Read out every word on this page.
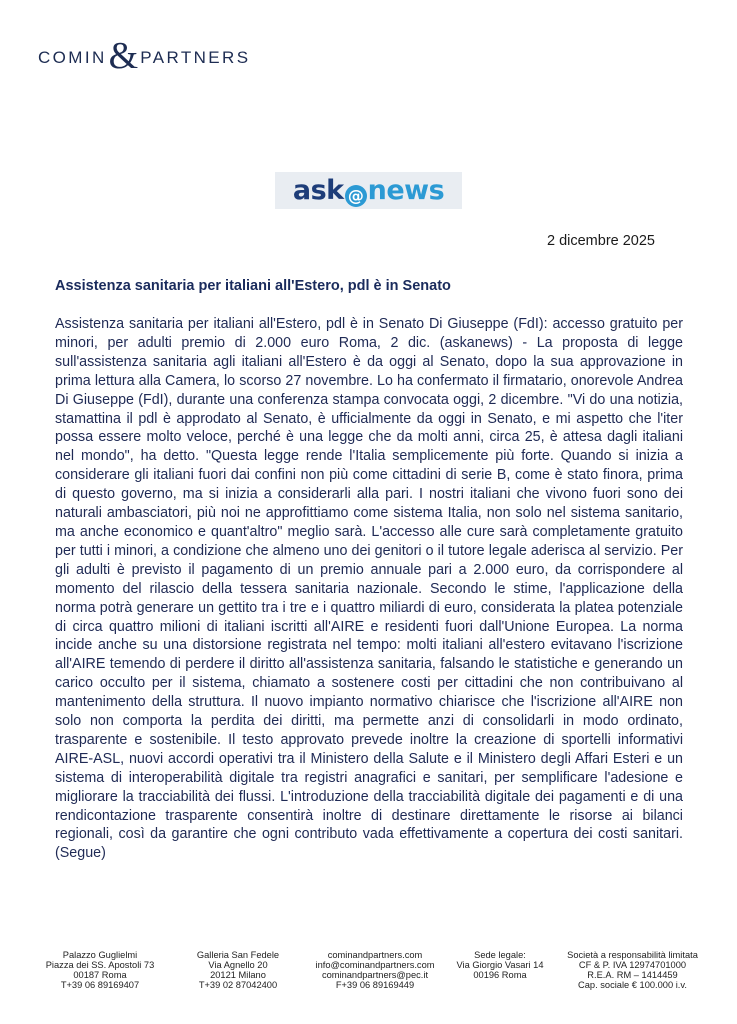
COMIN & PARTNERS
ask @ news
2 dicembre 2025
Assistenza sanitaria per italiani all'Estero, pdl è in Senato

Assistenza sanitaria per italiani all'Estero, pdl è in Senato Di Giuseppe (FdI): accesso gratuito per minori, per adulti premio di 2.000 euro Roma, 2 dic. (askanews) - La proposta di legge sull'assistenza sanitaria agli italiani all'Estero è da oggi al Senato, dopo la sua approvazione in prima lettura alla Camera, lo scorso 27 novembre. Lo ha confermato il firmatario, onorevole Andrea Di Giuseppe (FdI), durante una conferenza stampa convocata oggi, 2 dicembre. "Vi do una notizia, stamattina il pdl è approdato al Senato, è ufficialmente da oggi in Senato, e mi aspetto che l'iter possa essere molto veloce, perché è una legge che da molti anni, circa 25, è attesa dagli italiani nel mondo", ha detto. "Questa legge rende l'Italia semplicemente più forte. Quando si inizia a considerare gli italiani fuori dai confini non più come cittadini di serie B, come è stato finora, prima di questo governo, ma si inizia a considerarli alla pari. I nostri italiani che vivono fuori sono dei naturali ambasciatori, più noi ne approfittiamo come sistema Italia, non solo nel sistema sanitario, ma anche economico e quant'altro" meglio sarà. L'accesso alle cure sarà completamente gratuito per tutti i minori, a condizione che almeno uno dei genitori o il tutore legale aderisca al servizio. Per gli adulti è previsto il pagamento di un premio annuale pari a 2.000 euro, da corrispondere al momento del rilascio della tessera sanitaria nazionale. Secondo le stime, l'applicazione della norma potrà generare un gettito tra i tre e i quattro miliardi di euro, considerata la platea potenziale di circa quattro milioni di italiani iscritti all'AIRE e residenti fuori dall'Unione Europea. La norma incide anche su una distorsione registrata nel tempo: molti italiani all'estero evitavano l'iscrizione all'AIRE temendo di perdere il diritto all'assistenza sanitaria, falsando le statistiche e generando un carico occulto per il sistema, chiamato a sostenere costi per cittadini che non contribuivano al mantenimento della struttura. Il nuovo impianto normativo chiarisce che l'iscrizione all'AIRE non solo non comporta la perdita dei diritti, ma permette anzi di consolidarli in modo ordinato, trasparente e sostenibile. Il testo approvato prevede inoltre la creazione di sportelli informativi AIRE-ASL, nuovi accordi operativi tra il Ministero della Salute e il Ministero degli Affari Esteri e un sistema di interoperabilità digitale tra registri anagrafici e sanitari, per semplificare l'adesione e migliorare la tracciabilità dei flussi. L'introduzione della tracciabilità digitale dei pagamenti e di una rendicontazione trasparente consentirà inoltre di destinare direttamente le risorse ai bilanci regionali, così da garantire che ogni contributo vada effettivamente a copertura dei costi sanitari. (Segue)

Palazzo Guglielmi
Piazza dei SS. Apostoli 73
00187 Roma
T+39 06 89169407
Galleria San Fedele
Via Agnello 20
20121 Milano
T+39 02 87042400
cominandpartners.com
info@cominandpartners.com
cominandpartners@pec.it
F+39 06 89169449
Sede legale:
Via Giorgio Vasari 14
00196 Roma
Società a responsabilità limitata
CF & P. IVA 12974701000
R.E.A. RM – 1414459
Cap. sociale € 100.000 i.v.
